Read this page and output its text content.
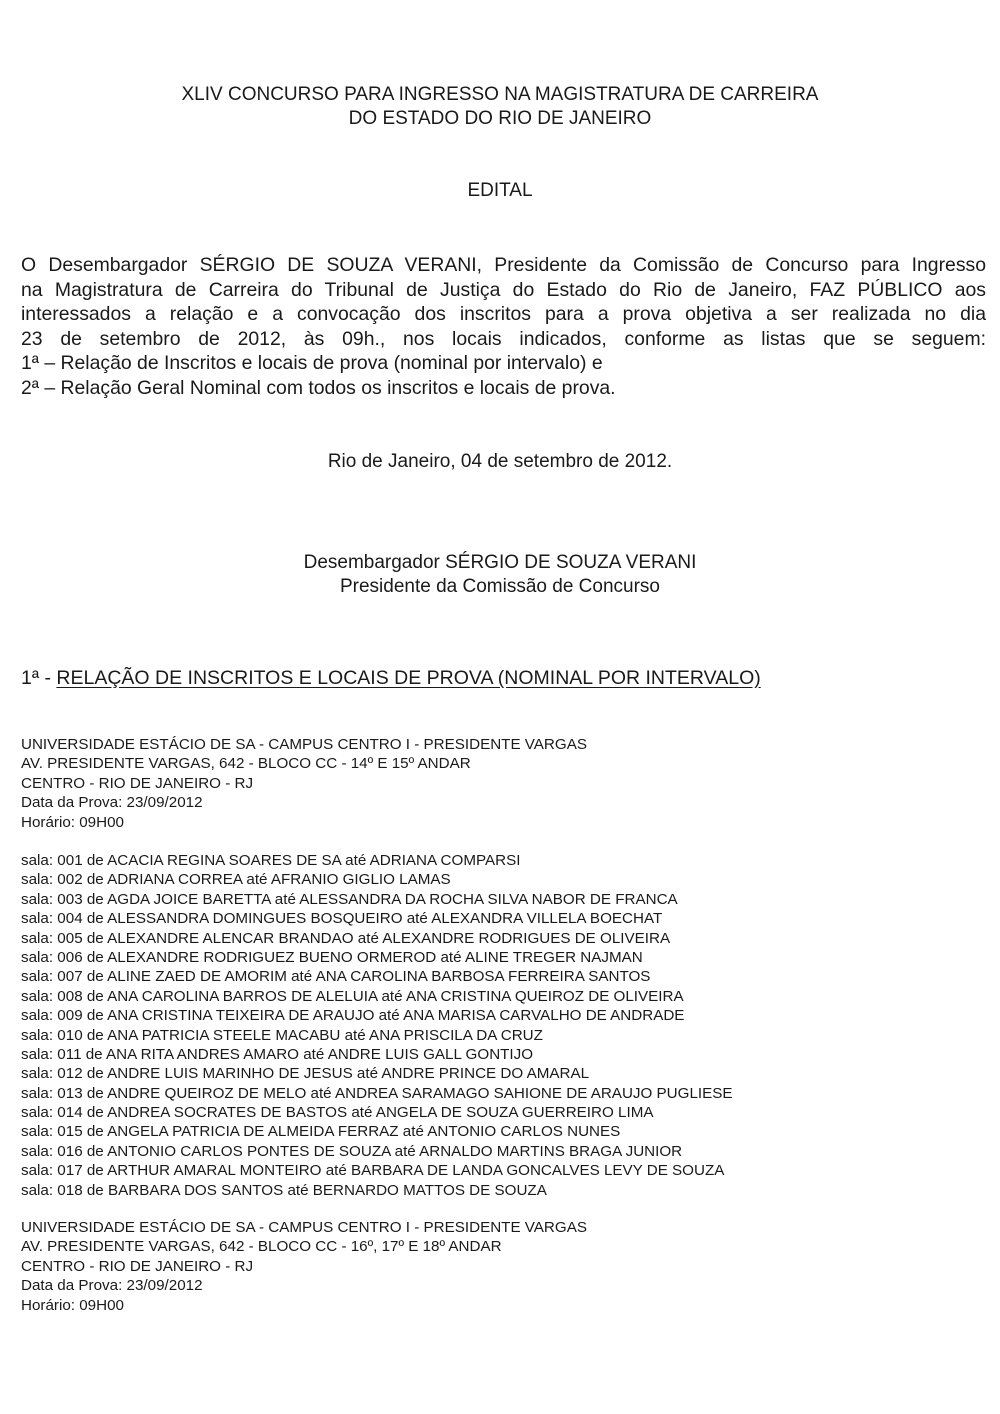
XLIV CONCURSO PARA INGRESSO NA MAGISTRATURA DE CARREIRA
DO ESTADO DO RIO DE JANEIRO
EDITAL
O Desembargador SÉRGIO DE SOUZA VERANI, Presidente da Comissão de Concurso para Ingresso
na Magistratura de Carreira do Tribunal de Justiça do Estado do Rio de Janeiro, FAZ PÚBLICO aos
interessados a relação e a convocação dos inscritos para a prova objetiva a ser realizada no dia
23 de setembro de 2012, às 09h., nos locais indicados, conforme as listas que se seguem:
1ª – Relação de Inscritos e locais de prova (nominal por intervalo) e
2ª – Relação Geral Nominal com todos os inscritos e locais de prova.
Rio de Janeiro, 04 de setembro de 2012.
Desembargador SÉRGIO DE SOUZA VERANI
Presidente da Comissão de Concurso
1ª - RELAÇÃO DE INSCRITOS E LOCAIS DE PROVA (NOMINAL POR INTERVALO)
UNIVERSIDADE ESTÁCIO DE SA - CAMPUS CENTRO I - PRESIDENTE VARGAS
AV. PRESIDENTE VARGAS, 642 - BLOCO CC - 14º E 15º ANDAR
CENTRO - RIO DE JANEIRO - RJ
Data da Prova: 23/09/2012
Horário: 09H00
sala: 001 de ACACIA REGINA SOARES DE SA até ADRIANA COMPARSI
sala: 002 de ADRIANA CORREA até AFRANIO GIGLIO LAMAS
sala: 003 de AGDA JOICE BARETTA até ALESSANDRA DA ROCHA SILVA NABOR DE FRANCA
sala: 004 de ALESSANDRA DOMINGUES BOSQUEIRO até ALEXANDRA VILLELA BOECHAT
sala: 005 de ALEXANDRE ALENCAR BRANDAO até ALEXANDRE RODRIGUES DE OLIVEIRA
sala: 006 de ALEXANDRE RODRIGUEZ BUENO ORMEROD até ALINE TREGER NAJMAN
sala: 007 de ALINE ZAED DE AMORIM até ANA CAROLINA BARBOSA FERREIRA SANTOS
sala: 008 de ANA CAROLINA BARROS DE ALELUIA até ANA CRISTINA QUEIROZ DE OLIVEIRA
sala: 009 de ANA CRISTINA TEIXEIRA DE ARAUJO até ANA MARISA CARVALHO DE ANDRADE
sala: 010 de ANA PATRICIA STEELE MACABU até ANA PRISCILA DA CRUZ
sala: 011 de ANA RITA ANDRES AMARO até ANDRE LUIS GALL GONTIJO
sala: 012 de ANDRE LUIS MARINHO DE JESUS até ANDRE PRINCE DO AMARAL
sala: 013 de ANDRE QUEIROZ DE MELO até ANDREA SARAMAGO SAHIONE DE ARAUJO PUGLIESE
sala: 014 de ANDREA SOCRATES DE BASTOS até ANGELA DE SOUZA GUERREIRO LIMA
sala: 015 de ANGELA PATRICIA DE ALMEIDA FERRAZ até ANTONIO CARLOS NUNES
sala: 016 de ANTONIO CARLOS PONTES DE SOUZA até ARNALDO MARTINS BRAGA JUNIOR
sala: 017 de ARTHUR AMARAL MONTEIRO até BARBARA DE LANDA GONCALVES LEVY DE SOUZA
sala: 018 de BARBARA DOS SANTOS até BERNARDO MATTOS DE SOUZA
UNIVERSIDADE ESTÁCIO DE SA - CAMPUS CENTRO I - PRESIDENTE VARGAS
AV. PRESIDENTE VARGAS, 642 - BLOCO CC - 16º, 17º E 18º ANDAR
CENTRO - RIO DE JANEIRO - RJ
Data da Prova: 23/09/2012
Horário: 09H00
